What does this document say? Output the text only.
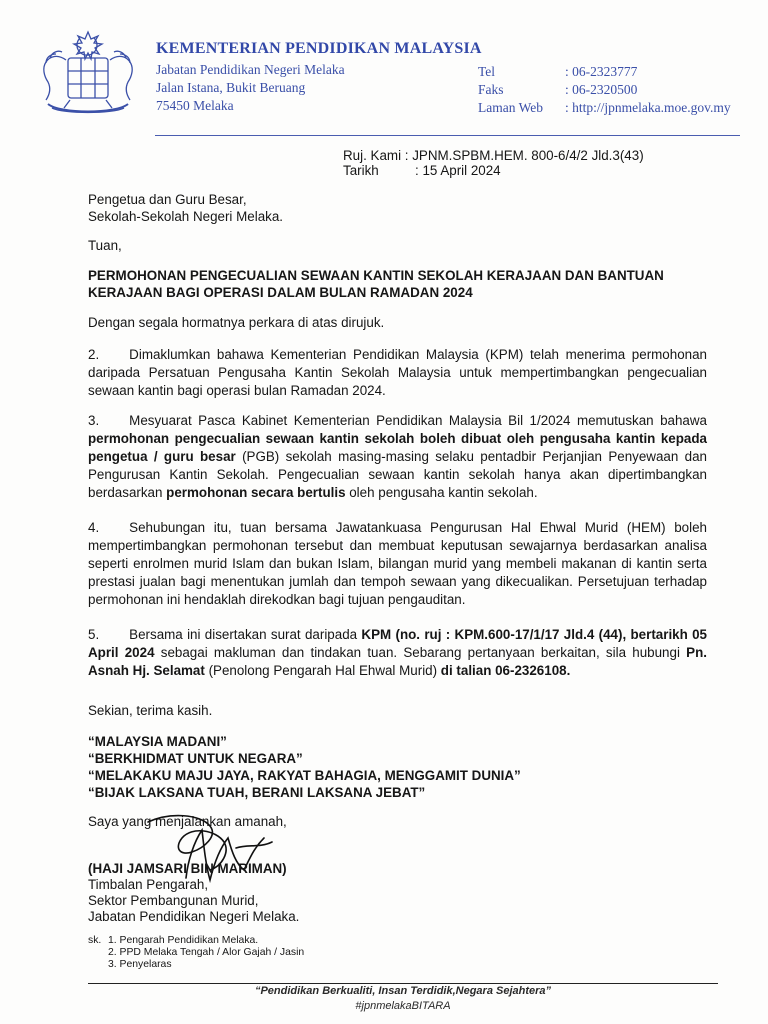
KEMENTERIAN PENDIDIKAN MALAYSIA
Jabatan Pendidikan Negeri Melaka
Jalan Istana, Bukit Beruang
75450 Melaka
Tel	: 06-2323777
Faks	: 06-2320500
Laman Web : http://jpnmelaka.moe.gov.my
Ruj. Kami : JPNM.SPBM.HEM. 800-6/4/2 Jld.3(43)
Tarikh	: 15 April 2024
Pengetua dan Guru Besar,
Sekolah-Sekolah Negeri Melaka.
Tuan,
PERMOHONAN PENGECUALIAN SEWAAN KANTIN SEKOLAH KERAJAAN DAN BANTUAN
KERAJAAN BAGI OPERASI DALAM BULAN RAMADAN 2024
Dengan segala hormatnya perkara di atas dirujuk.
2. Dimaklumkan bahawa Kementerian Pendidikan Malaysia (KPM) telah menerima permohonan daripada Persatuan Pengusaha Kantin Sekolah Malaysia untuk mempertimbangkan pengecualian sewaan kantin bagi operasi bulan Ramadan 2024.
3. Mesyuarat Pasca Kabinet Kementerian Pendidikan Malaysia Bil 1/2024 memutuskan bahawa permohonan pengecualian sewaan kantin sekolah boleh dibuat oleh pengusaha kantin kepada pengetua / guru besar (PGB) sekolah masing-masing selaku pentadbir Perjanjian Penyewaan dan Pengurusan Kantin Sekolah. Pengecualian sewaan kantin sekolah hanya akan dipertimbangkan berdasarkan permohonan secara bertulis oleh pengusaha kantin sekolah.
4. Sehubungan itu, tuan bersama Jawatankuasa Pengurusan Hal Ehwal Murid (HEM) boleh mempertimbangkan permohonan tersebut dan membuat keputusan sewajarnya berdasarkan analisa seperti enrolmen murid Islam dan bukan Islam, bilangan murid yang membeli makanan di kantin serta prestasi jualan bagi menentukan jumlah dan tempoh sewaan yang dikecualikan. Persetujuan terhadap permohonan ini hendaklah direkodkan bagi tujuan pengauditan.
5. Bersama ini disertakan surat daripada KPM (no. ruj : KPM.600-17/1/17 Jld.4 (44), bertarikh 05 April 2024 sebagai makluman dan tindakan tuan. Sebarang pertanyaan berkaitan, sila hubungi Pn. Asnah Hj. Selamat (Penolong Pengarah Hal Ehwal Murid) di talian 06-2326108.
Sekian, terima kasih.
“MALAYSIA MADANI”
“BERKHIDMAT UNTUK NEGARA”
“MELAKAKU MAJU JAYA, RAKYAT BAHAGIA, MENGGAMIT DUNIA”
“BIJAK LAKSANA TUAH, BERANI LAKSANA JEBAT”
Saya yang menjalankan amanah,
(HAJI JAMSARI BIN MARIMAN)
Timbalan Pengarah,
Sektor Pembangunan Murid,
Jabatan Pendidikan Negeri Melaka.
sk. 1. Pengarah Pendidikan Melaka.
2. PPD Melaka Tengah / Alor Gajah / Jasin
3. Penyelaras
“Pendidikan Berkualiti, Insan Terdidik,Negara Sejahtera”
#jpnmelakaBITARA
